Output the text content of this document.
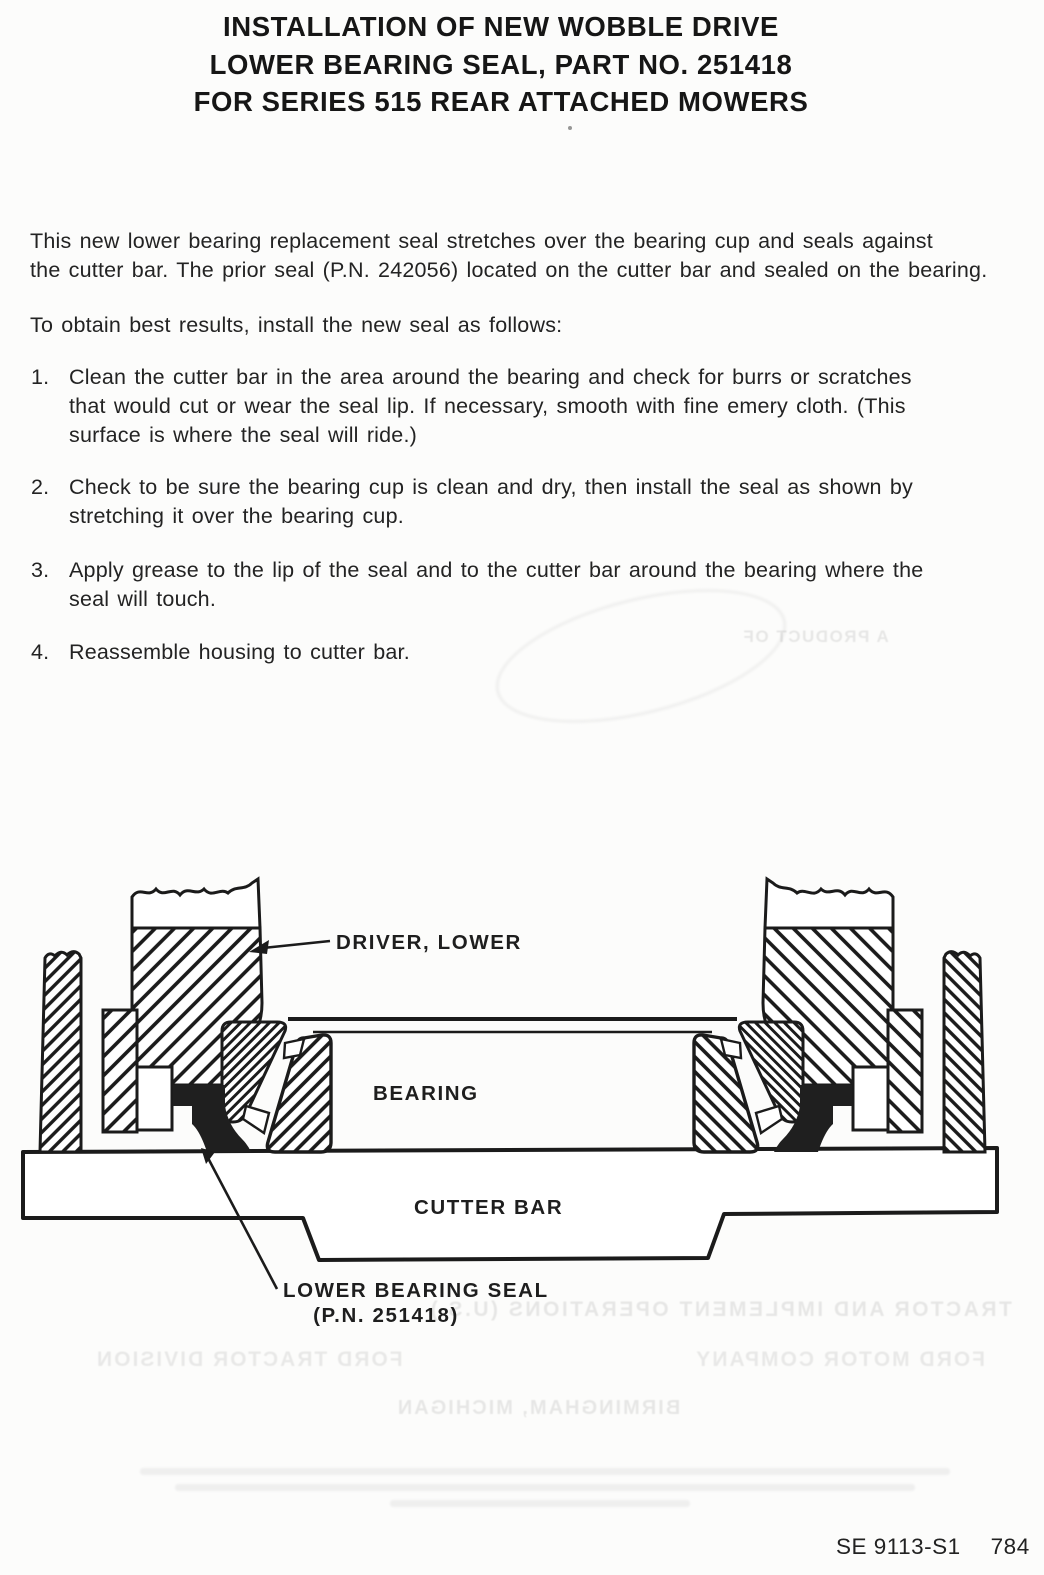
INSTALLATION OF NEW WOBBLE DRIVE
LOWER BEARING SEAL, PART NO. 251418
FOR SERIES 515 REAR ATTACHED MOWERS
This new lower bearing replacement seal stretches over the bearing cup and seals against
the cutter bar. The prior seal (P.N. 242056) located on the cutter bar and sealed on the bearing.
To obtain best results, install the new seal as follows:
1. Clean the cutter bar in the area around the bearing and check for burrs or scratches
that would cut or wear the seal lip. If necessary, smooth with fine emery cloth. (This
surface is where the seal will ride.)
2. Check to be sure the bearing cup is clean and dry, then install the seal as shown by
stretching it over the bearing cup.
3. Apply grease to the lip of the seal and to the cutter bar around the bearing where the
seal will touch.
4. Reassemble housing to cutter bar.
A PRODUCT OF
DRIVER, LOWER
BEARING
CUTTER BAR
LOWER BEARING SEAL
(P.N. 251418)
TRACTOR AND IMPLEMENT OPERATIONS (U.S.)
FORD MOTOR COMPANY
FORD TRACTOR DIVISION
BIRMINGHAM, MICHIGAN
SE 9113-S1 784
